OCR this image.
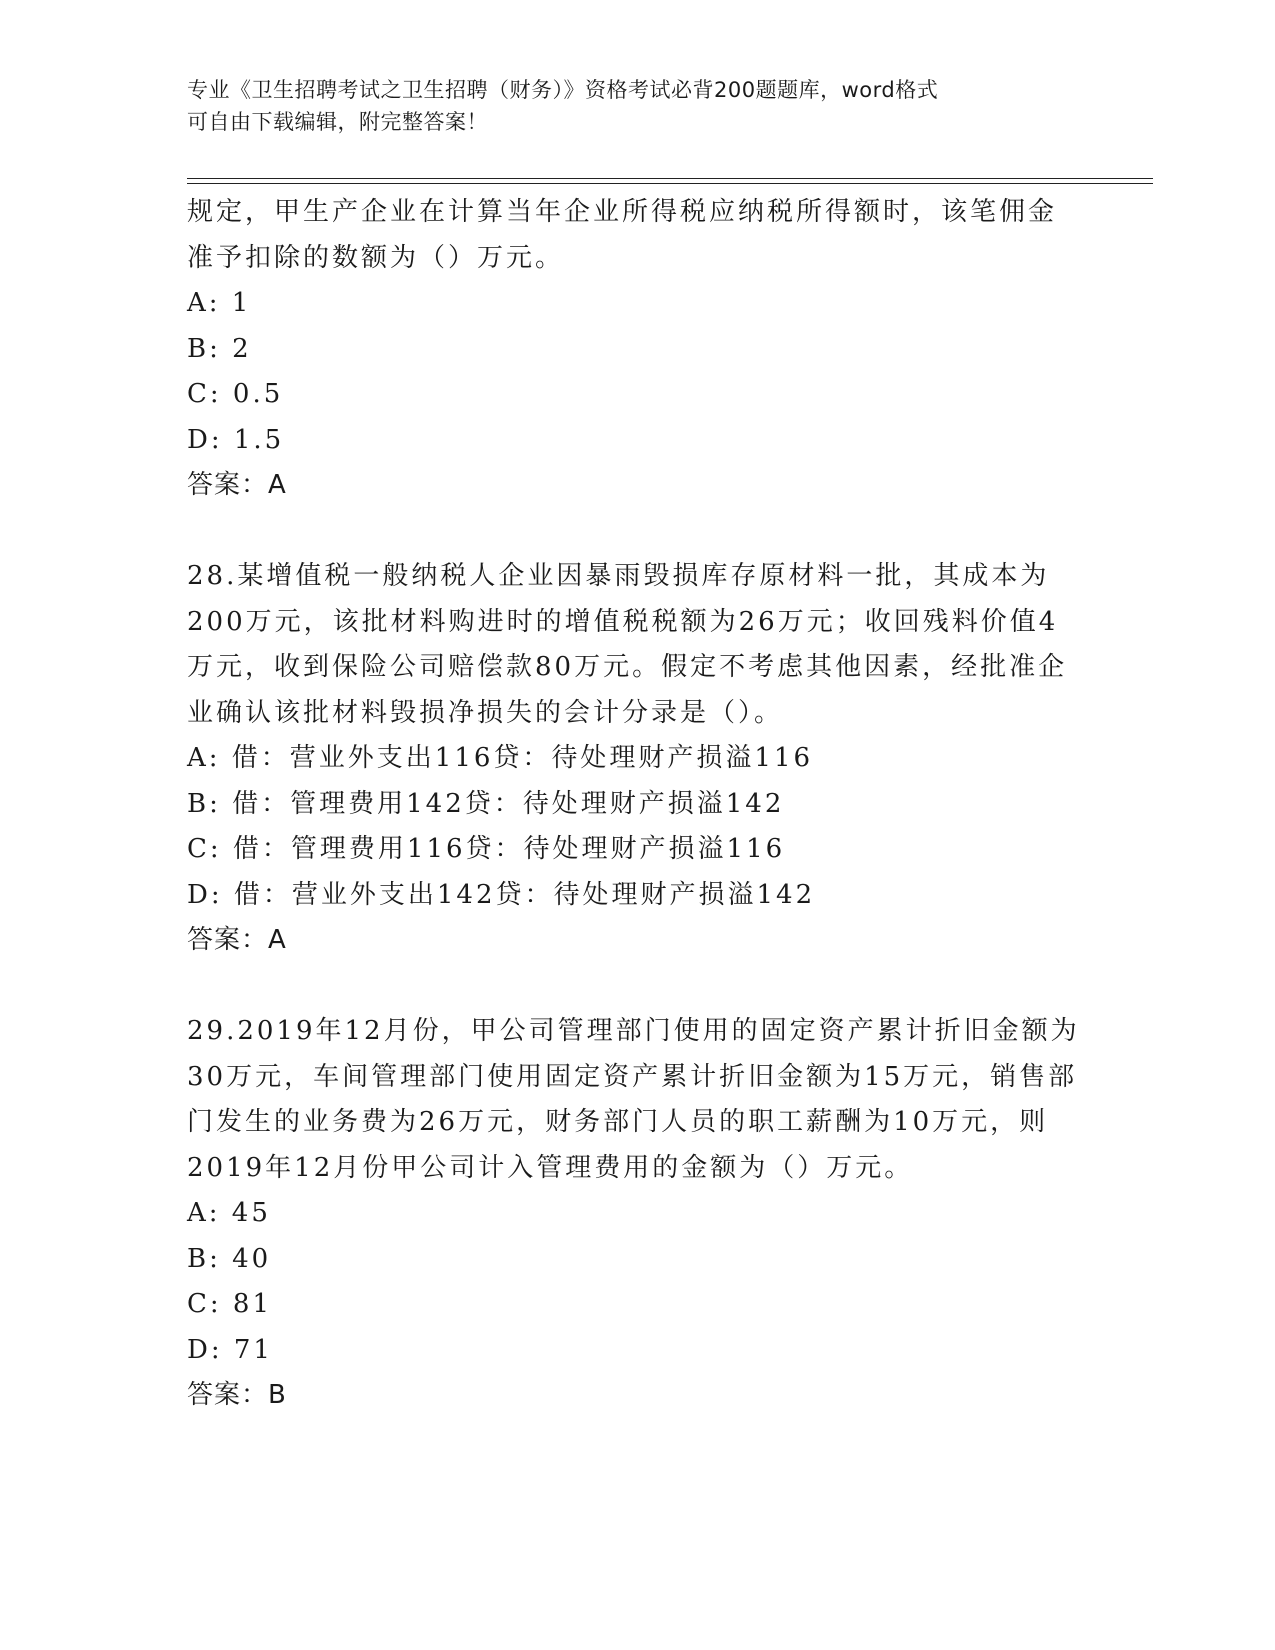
专业《卫生招聘考试之卫生招聘（财务）》资格考试必背200题题库，word格式
可自由下载编辑，附完整答案！

规定，甲生产企业在计算当年企业所得税应纳税所得额时，该笔佣金

准予扣除的数额为（）万元。

A: 1

B: 2

C: 0.5

D: 1.5

答案：A

28.某增值税一般纳税人企业因暴雨毁损库存原材料一批，其成本为

200万元，该批材料购进时的增值税税额为26万元；收回残料价值4

万元，收到保险公司赔偿款80万元。假定不考虑其他因素，经批准企

业确认该批材料毁损净损失的会计分录是（）。

A: 借：营业外支出116贷：待处理财产损溢116

B: 借：管理费用142贷：待处理财产损溢142

C: 借：管理费用116贷：待处理财产损溢116

D: 借：营业外支出142贷：待处理财产损溢142

答案：A

29.2019年12月份，甲公司管理部门使用的固定资产累计折旧金额为

30万元，车间管理部门使用固定资产累计折旧金额为15万元，销售部

门发生的业务费为26万元，财务部门人员的职工薪酬为10万元，则

2019年12月份甲公司计入管理费用的金额为（）万元。

A: 45

B: 40

C: 81

D: 71

答案：B
